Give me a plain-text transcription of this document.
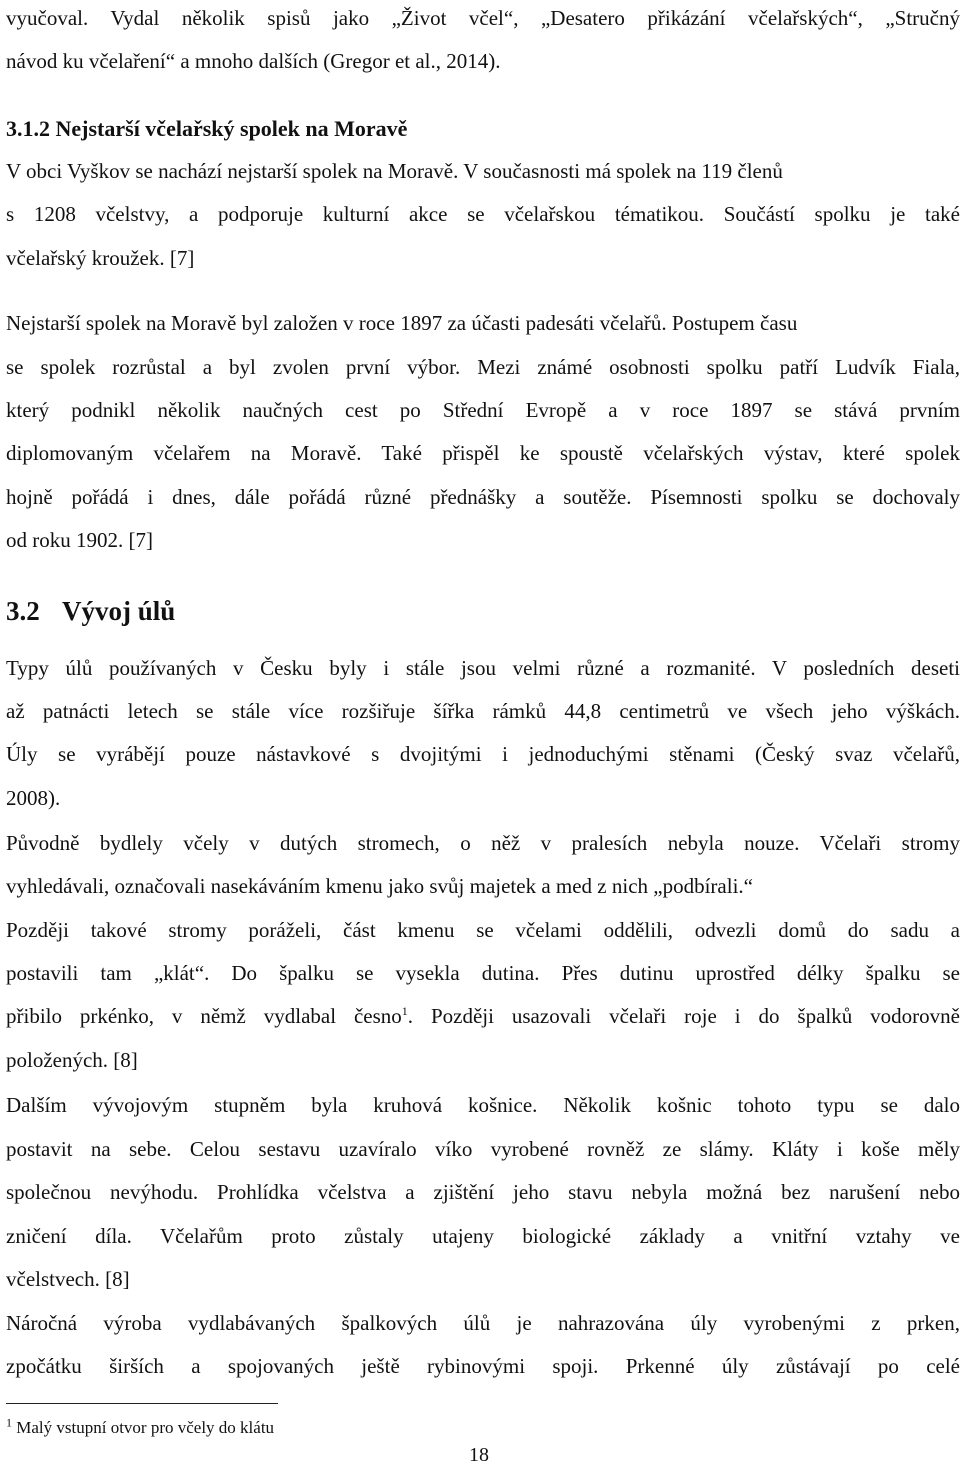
vyučoval. Vydal několik spisů jako „Život včel“, „Desatero přikázání včelařských“, „Stručný
návod ku včelaření“ a mnoho dalších (Gregor et al., 2014).
3.1.2 Nejstarší včelařský spolek na Moravě
V obci Vyškov se nachází nejstarší spolek na Moravě. V současnosti má spolek na 119 členů
s 1208 včelstvy, a podporuje kulturní akce se včelařskou tématikou. Součástí spolku je také
včelařský kroužek. [7]
Nejstarší spolek na Moravě byl založen v roce 1897 za účasti padesáti včelařů. Postupem času
se spolek rozrůstal a byl zvolen první výbor. Mezi známé osobnosti spolku patří Ludvík Fiala,
který podnikl několik naučných cest po Střední Evropě a v roce 1897 se stává prvním
diplomovaným včelařem na Moravě. Také přispěl ke spoustě včelařských výstav, které spolek
hojně pořádá i dnes, dále pořádá různé přednášky a soutěže. Písemnosti spolku se dochovaly
od roku 1902. [7]
3.2 Vývoj úlů
Typy úlů používaných v Česku byly i stále jsou velmi různé a rozmanité. V posledních deseti
až patnácti letech se stále více rozšiřuje šířka rámků 44,8 centimetrů ve všech jeho výškách.
Úly se vyrábějí pouze nástavkové s dvojitými i jednoduchými stěnami (Český svaz včelařů,
2008).
Původně bydlely včely v dutých stromech, o něž v pralesích nebyla nouze. Včelaři stromy
vyhledávali, označovali nasekáváním kmenu jako svůj majetek a med z nich „podbírali.“
Později takové stromy poráželi, část kmenu se včelami oddělili, odvezli domů do sadu a
postavili tam „klát“. Do špalku se vysekla dutina. Přes dutinu uprostřed délky špalku se
přibilo prkénko, v němž vydlabal česno$^1$. Později usazovali včelaři roje i do špalků vodorovně
položených. [8]
Dalším vývojovým stupněm byla kruhová košnice. Několik košnic tohoto typu se dalo
postavit na sebe. Celou sestavu uzavíralo víko vyrobené rovněž ze slámy. Kláty i koše měly
společnou nevýhodu. Prohlídka včelstva a zjištění jeho stavu nebyla možná bez narušení nebo
zničení díla. Včelařům proto zůstaly utajeny biologické základy a vnitřní vztahy ve
včelstvech. [8]
Náročná výroba vydlabávaných špalkových úlů je nahrazována úly vyrobenými z prken,
zpočátku širších a spojovaných ještě rybinovými spoji. Prkenné úly zůstávají po celé
$^1$ Malý vstupní otvor pro včely do klátu
18
